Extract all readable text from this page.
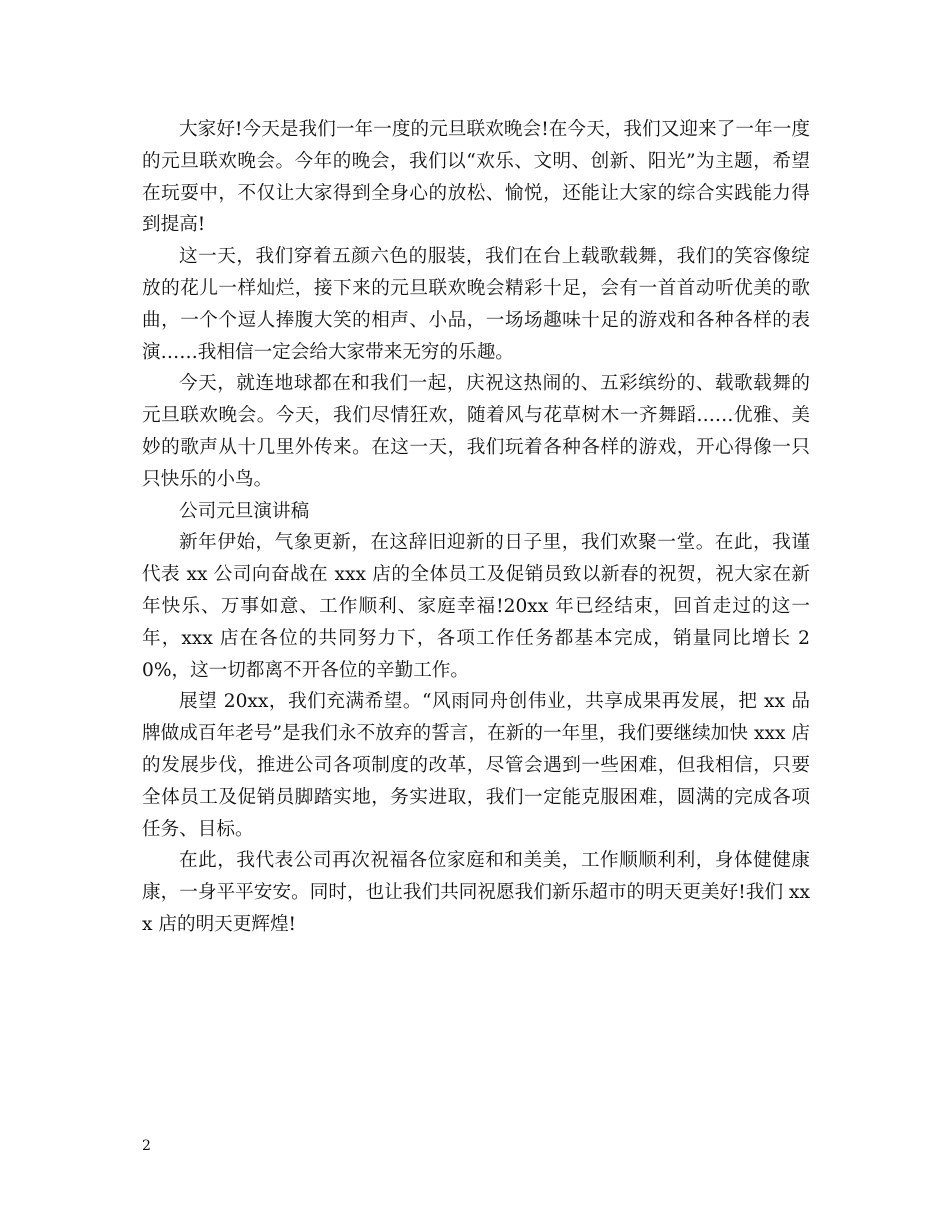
大家好!今天是我们一年一度的元旦联欢晚会!在今天，我们又迎来了一年一度的元旦联欢晚会。今年的晚会，我们以“欢乐、文明、创新、阳光”为主题，希望在玩耍中，不仅让大家得到全身心的放松、愉悦，还能让大家的综合实践能力得到提高!

这一天，我们穿着五颜六色的服装，我们在台上载歌载舞，我们的笑容像绽放的花儿一样灿烂，接下来的元旦联欢晚会精彩十足，会有一首首动听优美的歌曲，一个个逗人捧腹大笑的相声、小品，一场场趣味十足的游戏和各种各样的表演……我相信一定会给大家带来无穷的乐趣。

今天，就连地球都在和我们一起，庆祝这热闹的、五彩缤纷的、载歌载舞的元旦联欢晚会。今天，我们尽情狂欢，随着风与花草树木一齐舞蹈……优雅、美妙的歌声从十几里外传来。在这一天，我们玩着各种各样的游戏，开心得像一只只快乐的小鸟。

公司元旦演讲稿

新年伊始，气象更新，在这辞旧迎新的日子里，我们欢聚一堂。在此，我谨代表 xx 公司向奋战在 xxx 店的全体员工及促销员致以新春的祝贺，祝大家在新年快乐、万事如意、工作顺利、家庭幸福!20xx 年已经结束，回首走过的这一年，xxx 店在各位的共同努力下，各项工作任务都基本完成，销量同比增长 20%，这一切都离不开各位的辛勤工作。

展望 20xx，我们充满希望。“风雨同舟创伟业，共享成果再发展，把 xx 品牌做成百年老号”是我们永不放弃的誓言，在新的一年里，我们要继续加快 xxx 店的发展步伐，推进公司各项制度的改革，尽管会遇到一些困难，但我相信，只要全体员工及促销员脚踏实地，务实进取，我们一定能克服困难，圆满的完成各项任务、目标。

在此，我代表公司再次祝福各位家庭和和美美，工作顺顺利利，身体健健康康，一身平平安安。同时，也让我们共同祝愿我们新乐超市的明天更美好!我们 xxx 店的明天更辉煌!

2
